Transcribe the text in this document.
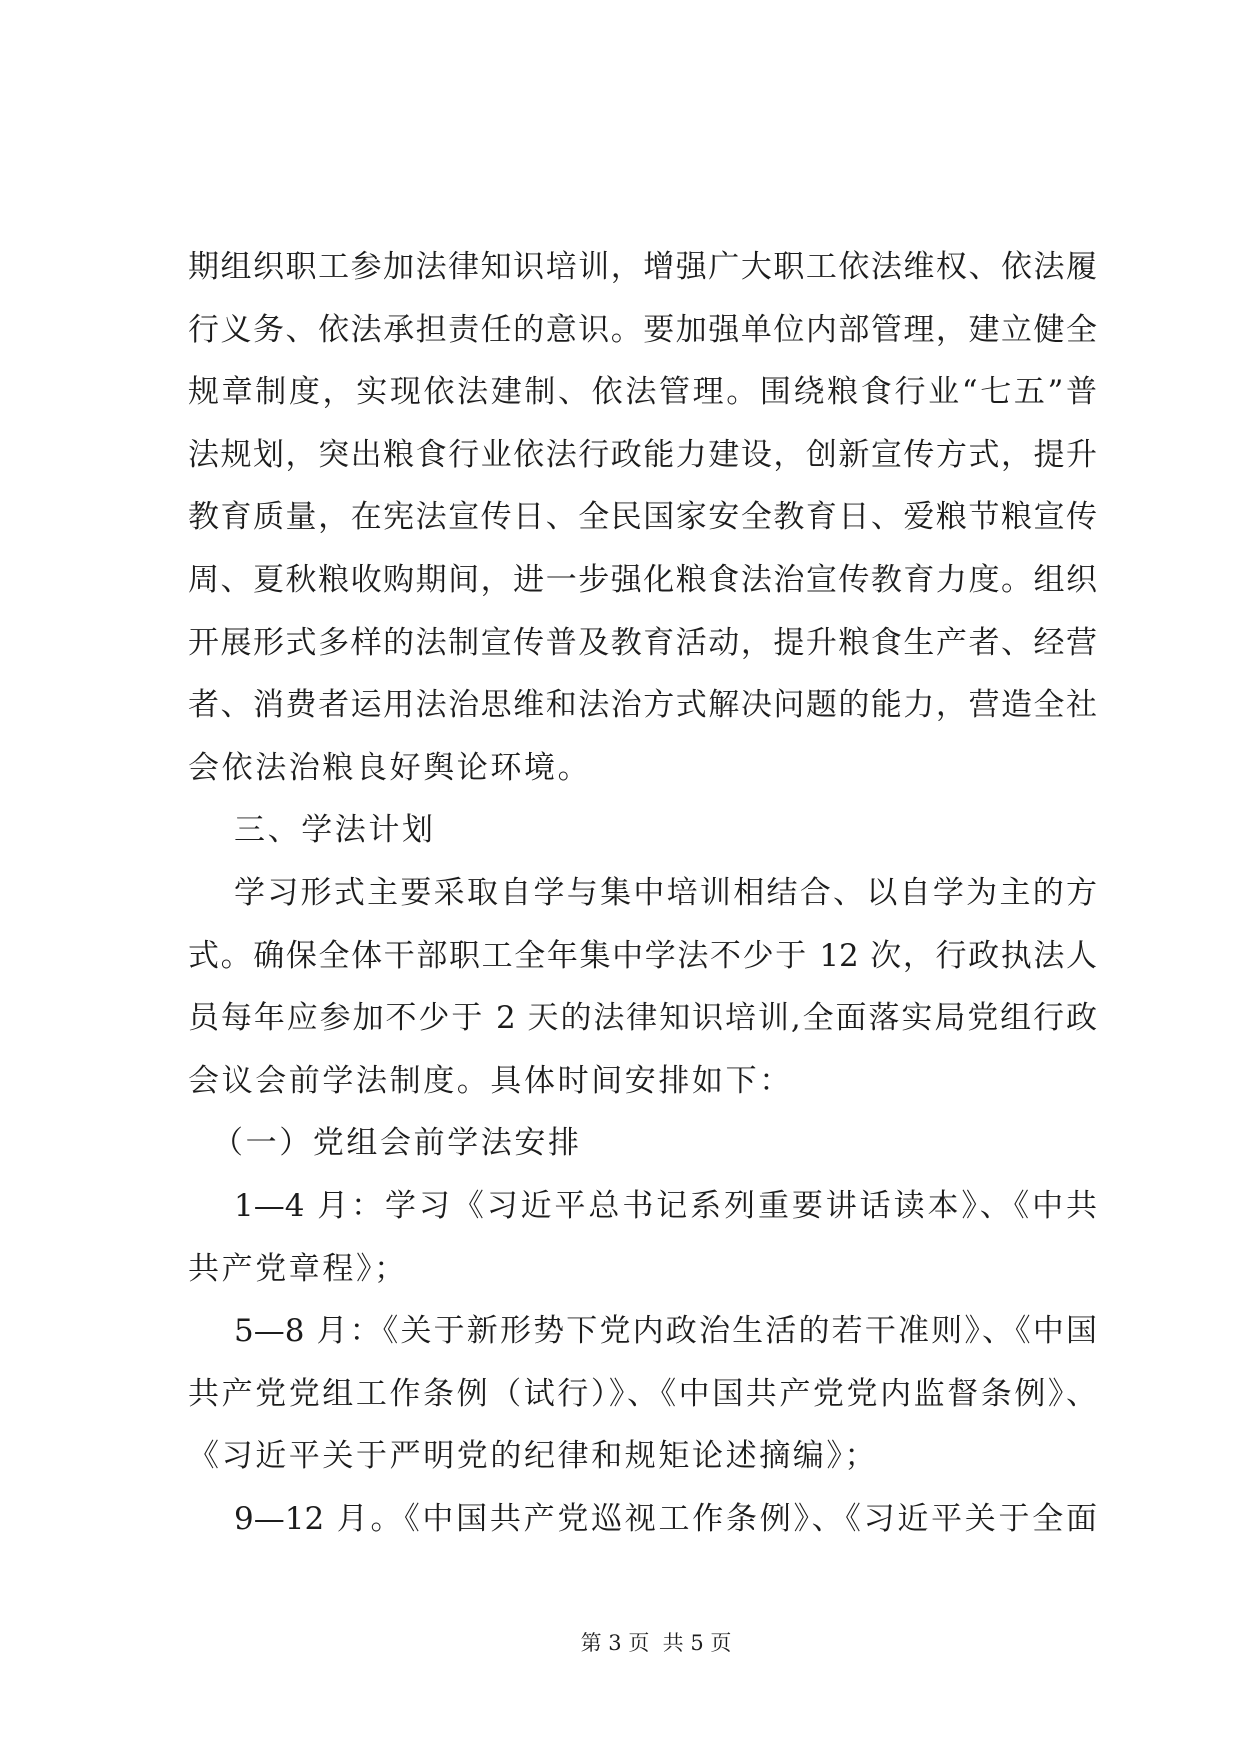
期组织职工参加法律知识培训，增强广大职工依法维权、依法履
行义务、依法承担责任的意识。要加强单位内部管理，建立健全
规章制度，实现依法建制、依法管理。围绕粮食行业“七五”普
法规划，突出粮食行业依法行政能力建设，创新宣传方式，提升
教育质量，在宪法宣传日、全民国家安全教育日、爱粮节粮宣传
周、夏秋粮收购期间，进一步强化粮食法治宣传教育力度。组织
开展形式多样的法制宣传普及教育活动，提升粮食生产者、经营
者、消费者运用法治思维和法治方式解决问题的能力，营造全社
会依法治粮良好舆论环境。
三、学法计划
学习形式主要采取自学与集中培训相结合、以自学为主的方
式。确保全体干部职工全年集中学法不少于 12 次，行政执法人
员每年应参加不少于 2 天的法律知识培训,全面落实局党组行政
会议会前学法制度。具体时间安排如下：
（一）党组会前学法安排
1—4 月：学习《习近平总书记系列重要讲话读本》、《中共
共产党章程》；
5—8 月：《关于新形势下党内政治生活的若干准则》、《中国
共产党党组工作条例（试行）》、《中国共产党党内监督条例》、
《习近平关于严明党的纪律和规矩论述摘编》；
9—12 月。《中国共产党巡视工作条例》、《习近平关于全面
第 3 页  共 5 页
